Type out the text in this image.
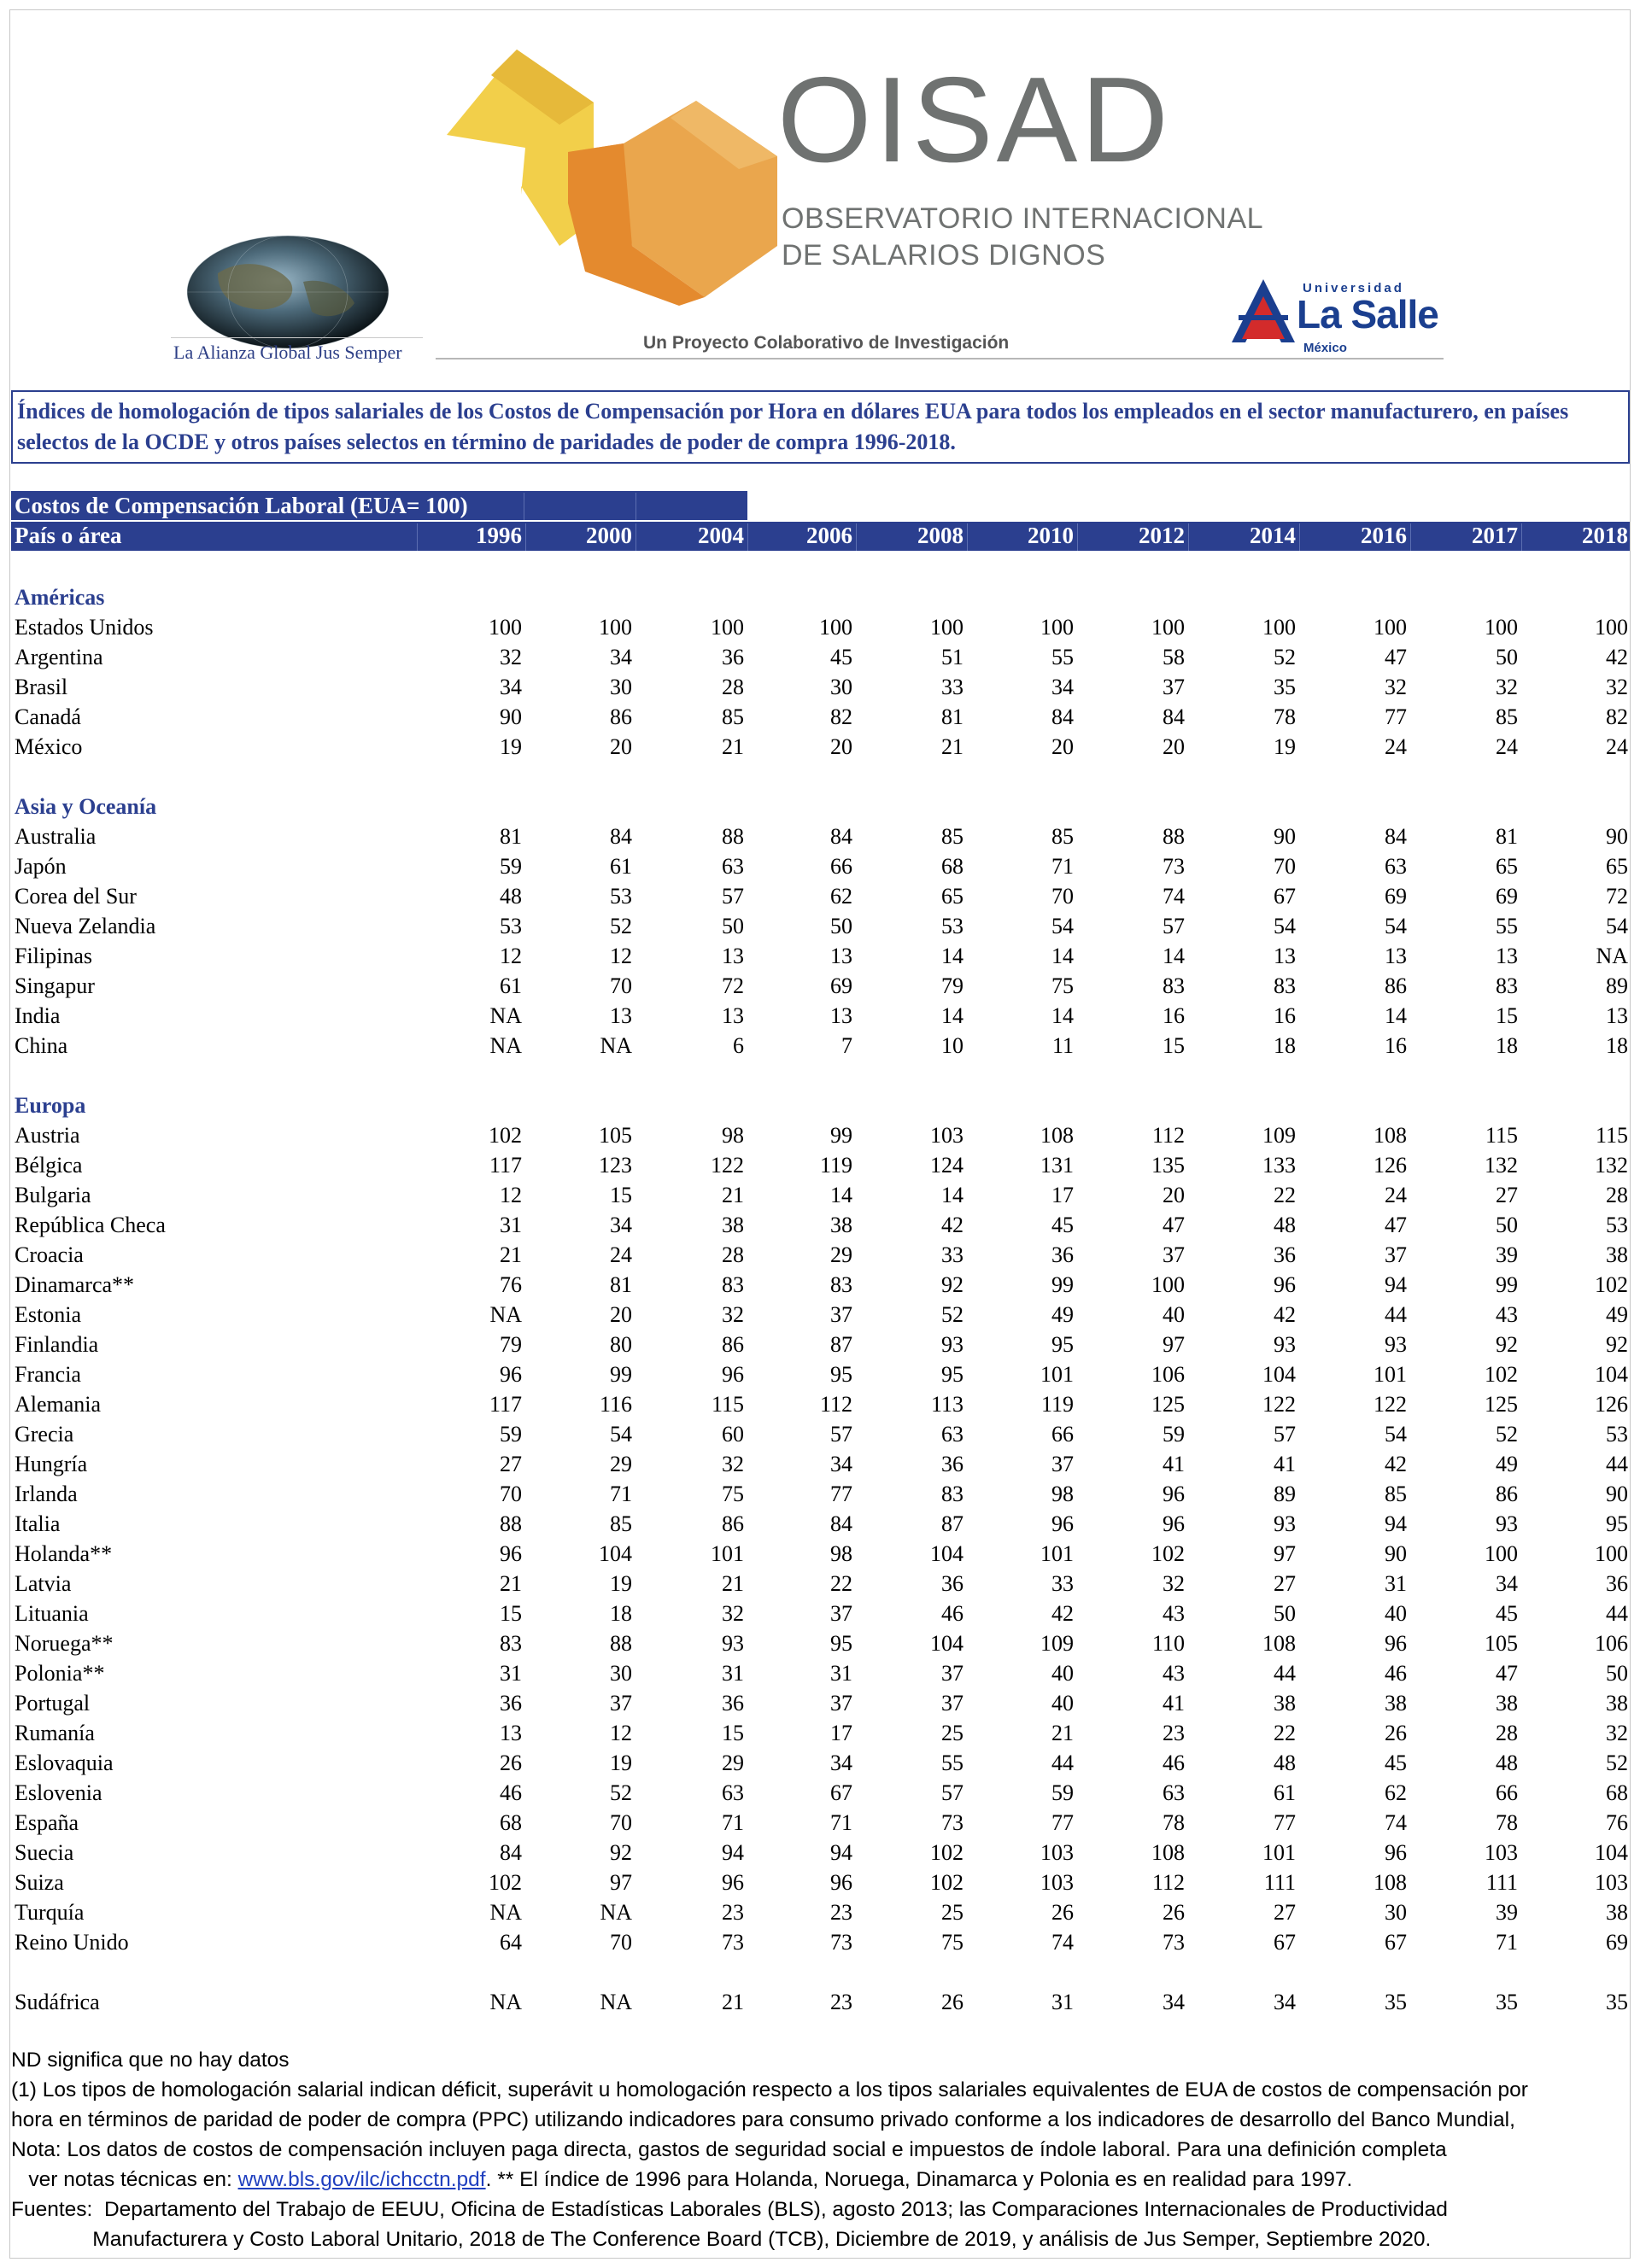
OISAD
OBSERVATORIO INTERNACIONAL
DE SALARIOS DIGNOS
La Alianza Global Jus Semper	Un Proyecto Colaborativo de Investigación
Universidad
La Salle
México
Índices de homologación de tipos salariales de los Costos de Compensación por Hora en dólares EUA para todos los empleados en el sector manufacturero, en países selectos de la OCDE y otros países selectos en término de paridades de poder de compra 1996-2018.
Costos de Compensación Laboral (EUA= 100)
País o área	1996	2000	2004	2006	2008	2010	2012	2014	2016	2017	2018
Américas
Estados Unidos	100	100	100	100	100	100	100	100	100	100	100
Argentina	32	34	36	45	51	55	58	52	47	50	42
Brasil	34	30	28	30	33	34	37	35	32	32	32
Canadá	90	86	85	82	81	84	84	78	77	85	82
México	19	20	21	20	21	20	20	19	24	24	24
Asia y Oceanía
Australia	81	84	88	84	85	85	88	90	84	81	90
Japón	59	61	63	66	68	71	73	70	63	65	65
Corea del Sur	48	53	57	62	65	70	74	67	69	69	72
Nueva Zelandia	53	52	50	50	53	54	57	54	54	55	54
Filipinas	12	12	13	13	14	14	14	13	13	13	NA
Singapur	61	70	72	69	79	75	83	83	86	83	89
India	NA	13	13	13	14	14	16	16	14	15	13
China	NA	NA	6	7	10	11	15	18	16	18	18
Europa
Austria	102	105	98	99	103	108	112	109	108	115	115
Bélgica	117	123	122	119	124	131	135	133	126	132	132
Bulgaria	12	15	21	14	14	17	20	22	24	27	28
República Checa	31	34	38	38	42	45	47	48	47	50	53
Croacia	21	24	28	29	33	36	37	36	37	39	38
Dinamarca**	76	81	83	83	92	99	100	96	94	99	102
Estonia	NA	20	32	37	52	49	40	42	44	43	49
Finlandia	79	80	86	87	93	95	97	93	93	92	92
Francia	96	99	96	95	95	101	106	104	101	102	104
Alemania	117	116	115	112	113	119	125	122	122	125	126
Grecia	59	54	60	57	63	66	59	57	54	52	53
Hungría	27	29	32	34	36	37	41	41	42	49	44
Irlanda	70	71	75	77	83	98	96	89	85	86	90
Italia	88	85	86	84	87	96	96	93	94	93	95
Holanda**	96	104	101	98	104	101	102	97	90	100	100
Latvia	21	19	21	22	36	33	32	27	31	34	36
Lituania	15	18	32	37	46	42	43	50	40	45	44
Noruega**	83	88	93	95	104	109	110	108	96	105	106
Polonia**	31	30	31	31	37	40	43	44	46	47	50
Portugal	36	37	36	37	37	40	41	38	38	38	38
Rumanía	13	12	15	17	25	21	23	22	26	28	32
Eslovaquia	26	19	29	34	55	44	46	48	45	48	52
Eslovenia	46	52	63	67	57	59	63	61	62	66	68
España	68	70	71	71	73	77	78	77	74	78	76
Suecia	84	92	94	94	102	103	108	101	96	103	104
Suiza	102	97	96	96	102	103	112	111	108	111	103
Turquía	NA	NA	23	23	25	26	26	27	30	39	38
Reino Unido	64	70	73	73	75	74	73	67	67	71	69
Sudáfrica	NA	NA	21	23	26	31	34	34	35	35	35

ND significa que no hay datos

(1) Los tipos de homologación salarial indican déficit, superávit u homologación respecto a los tipos salariales equivalentes de EUA de costos de compensación por

hora en términos de paridad de poder de compra (PPC) utilizando indicadores para consumo privado conforme a los indicadores de desarrollo del Banco Mundial,

Nota: Los datos de costos de compensación incluyen paga directa, gastos de seguridad social e impuestos de índole laboral. Para una definición completa

ver notas técnicas en: www.bls.gov/ilc/ichcctn.pdf. ** El índice de 1996 para Holanda, Noruega, Dinamarca y Polonia es en realidad para 1997.

Fuentes:  Departamento del Trabajo de EEUU, Oficina de Estadísticas Laborales (BLS), agosto 2013; las Comparaciones Internacionales de Productividad

Manufacturera y Costo Laboral Unitario, 2018 de The Conference Board (TCB), Diciembre de 2019, y análisis de Jus Semper, Septiembre 2020.
